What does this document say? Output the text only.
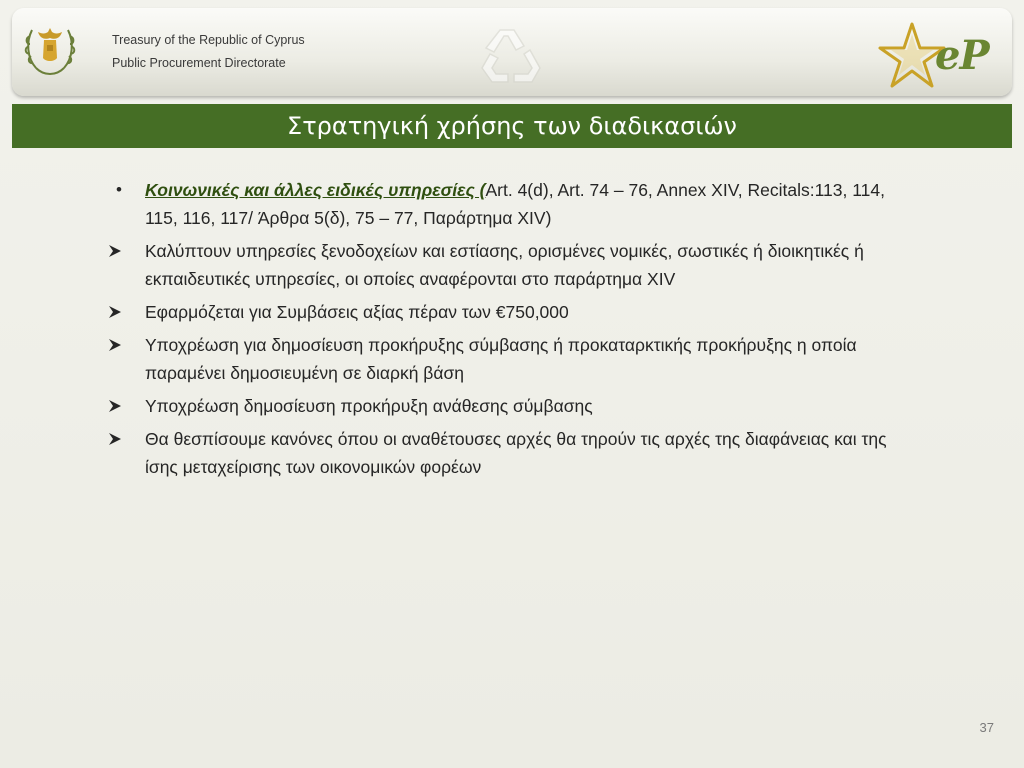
Treasury of the Republic of Cyprus
Public Procurement Directorate	eP
Στρατηγική χρήσης των διαδικασιών
•	Κοινωνικές και άλλες ειδικές υπηρεσίες (Art. 4(d), Art. 74 – 76, Annex XIV, Recitals:113, 114, 115, 116, 117/ Άρθρα 5(δ), 75 – 77, Παράρτημα XIV)
Καλύπτουν υπηρεσίες ξενοδοχείων και εστίασης, ορισμένες νομικές, σωστικές ή διοικητικές ή εκπαιδευτικές υπηρεσίες, οι οποίες αναφέρονται στο παράρτημα XIV
Εφαρμόζεται για Συμβάσεις αξίας πέραν των €750,000
Υποχρέωση για δημοσίευση προκήρυξης σύμβασης ή προκαταρκτικής προκήρυξης η οποία παραμένει δημοσιευμένη σε διαρκή βάση
Υποχρέωση δημοσίευση προκήρυξη ανάθεσης σύμβασης
Θα θεσπίσουμε κανόνες όπου οι αναθέτουσες αρχές θα τηρούν τις αρχές της διαφάνειας και της ίσης μεταχείρισης των οικονομικών φορέων
37
